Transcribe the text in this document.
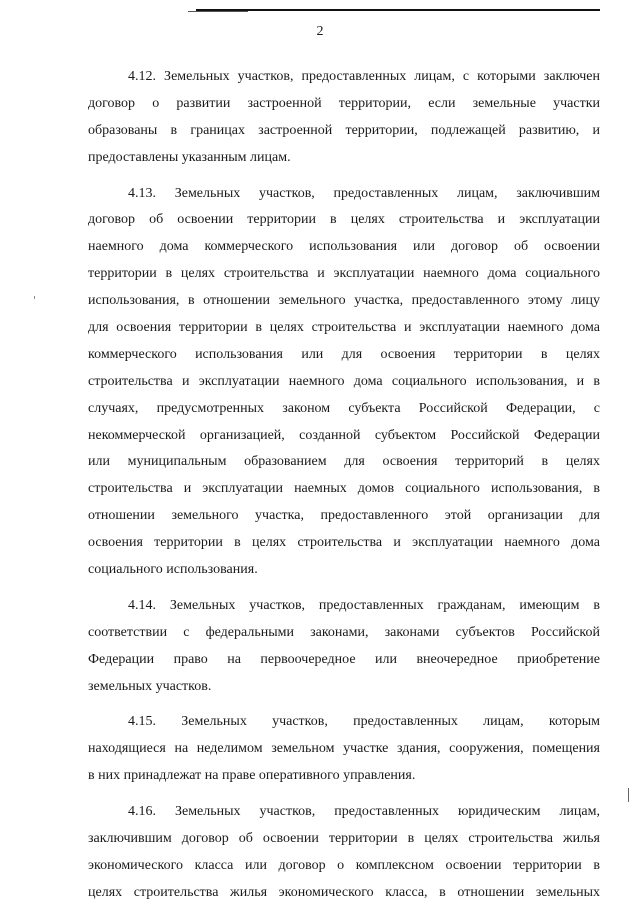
2
4.12. Земельных участков, предоставленных лицам, с которыми заключен
договор о развитии застроенной территории, если земельные участки
образованы в границах застроенной территории, подлежащей развитию, и
предоставлены указанным лицам.
4.13. Земельных участков, предоставленных лицам, заключившим
договор об освоении территории в целях строительства и эксплуатации
наемного дома коммерческого использования или договор об освоении
территории в целях строительства и эксплуатации наемного дома социального
использования, в отношении земельного участка, предоставленного этому лицу
для освоения территории в целях строительства и эксплуатации наемного дома
коммерческого использования или для освоения территории в целях
строительства и эксплуатации наемного дома социального использования, и в
случаях, предусмотренных законом субъекта Российской Федерации, с
некоммерческой организацией, созданной субъектом Российской Федерации
или муниципальным образованием для освоения территорий в целях
строительства и эксплуатации наемных домов социального использования, в
отношении земельного участка, предоставленного этой организации для
освоения территории в целях строительства и эксплуатации наемного дома
социального использования.
4.14. Земельных участков, предоставленных гражданам, имеющим в
соответствии с федеральными законами, законами субъектов Российской
Федерации право на первоочередное или внеочередное приобретение
земельных участков.
4.15. Земельных участков, предоставленных лицам, которым
находящиеся на неделимом земельном участке здания, сооружения, помещения
в них принадлежат на праве оперативного управления.
4.16. Земельных участков, предоставленных юридическим лицам,
заключившим договор об освоении территории в целях строительства жилья
экономического класса или договор о комплексном освоении территории в
целях строительства жилья экономического класса, в отношении земельных
